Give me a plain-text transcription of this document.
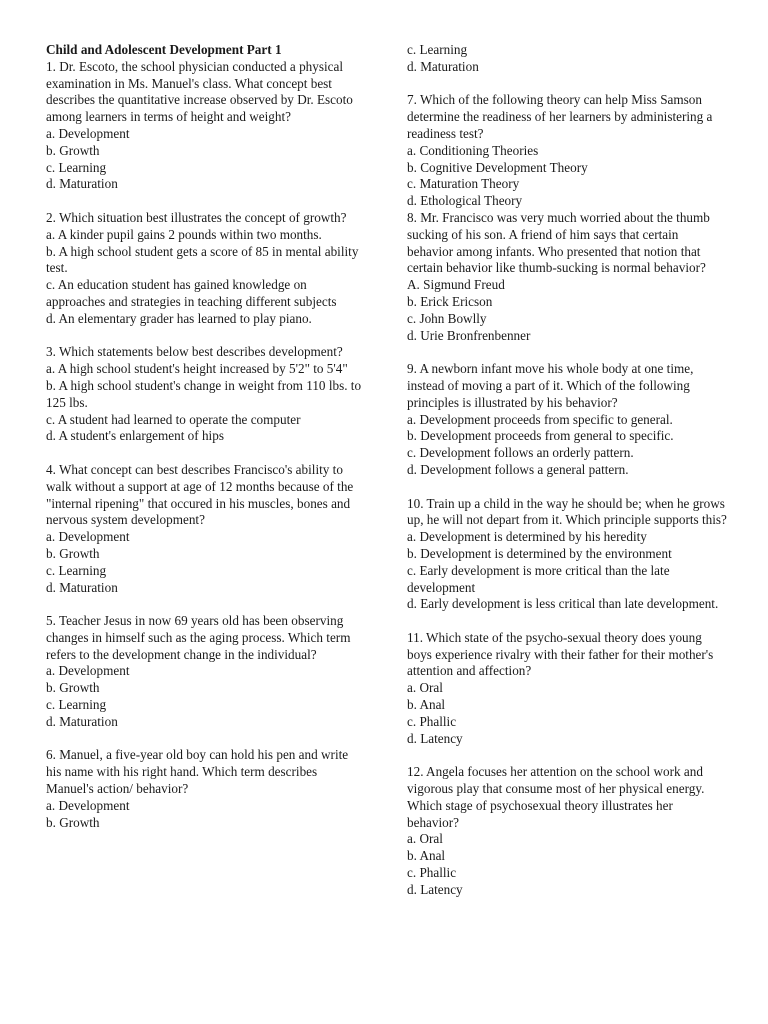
Child and Adolescent Development Part 1

1. Dr. Escoto, the school physician conducted a physical examination in Ms. Manuel's class. What concept best describes the quantitative increase observed by Dr. Escoto among learners in terms of height and weight?

a. Development
b. Growth
c. Learning
d. Maturation

2. Which situation best illustrates the concept of growth?

a. A kinder pupil gains 2 pounds within two months.
b. A high school student gets a score of 85 in mental ability test.
c. An education student has gained knowledge on approaches and strategies in teaching different subjects
d. An elementary grader has learned to play piano.

3. Which statements below best describes development?

a. A high school student's height increased by 5'2" to 5'4"
b. A high school student's change in weight from 110 lbs. to 125 lbs.
c. A student had learned to operate the computer
d. A student's enlargement of hips

4. What concept can best describes Francisco's ability to walk without a support at age of 12 months because of the "internal ripening" that occured in his muscles, bones and nervous system development?

a. Development
b. Growth
c. Learning
d. Maturation

5. Teacher Jesus in now 69 years old has been observing changes in himself such as the aging process. Which term refers to the development change in the individual?

a. Development
b. Growth
c. Learning
d. Maturation

6. Manuel, a five-year old boy can hold his pen and write his name with his right hand. Which term describes Manuel's action/ behavior?

a. Development
b. Growth
c. Learning
d. Maturation

7. Which of the following theory can help Miss Samson determine the readiness of her learners by administering a readiness test?

a. Conditioning Theories
b. Cognitive Development Theory
c. Maturation Theory
d. Ethological Theory

8. Mr. Francisco was very much worried about the thumb sucking of his son. A friend of him says that certain behavior among infants. Who presented that notion that certain behavior like thumb-sucking is normal behavior?

A. Sigmund Freud
b. Erick Ericson
c. John Bowlly
d. Urie Bronfrenbenner

9. A newborn infant move his whole body at one time, instead of moving a part of it. Which of the following principles is illustrated by his behavior?

a. Development proceeds from specific to general.
b. Development proceeds from general to specific.
c. Development follows an orderly pattern.
d. Development follows a general pattern.

10. Train up a child in the way he should be; when he grows up, he will not depart from it. Which principle supports this?

a. Development is determined by his heredity
b. Development is determined by the environment
c. Early development is more critical than the late development
d. Early development is less critical than late development.

11. Which state of the psycho-sexual theory does young boys experience rivalry with their father for their mother's attention and affection?

a. Oral
b. Anal
c. Phallic
d. Latency

12. Angela focuses her attention on the school work and vigorous play that consume most of her physical energy. Which stage of psychosexual theory illustrates her behavior?

a. Oral
b. Anal
c. Phallic
d. Latency
